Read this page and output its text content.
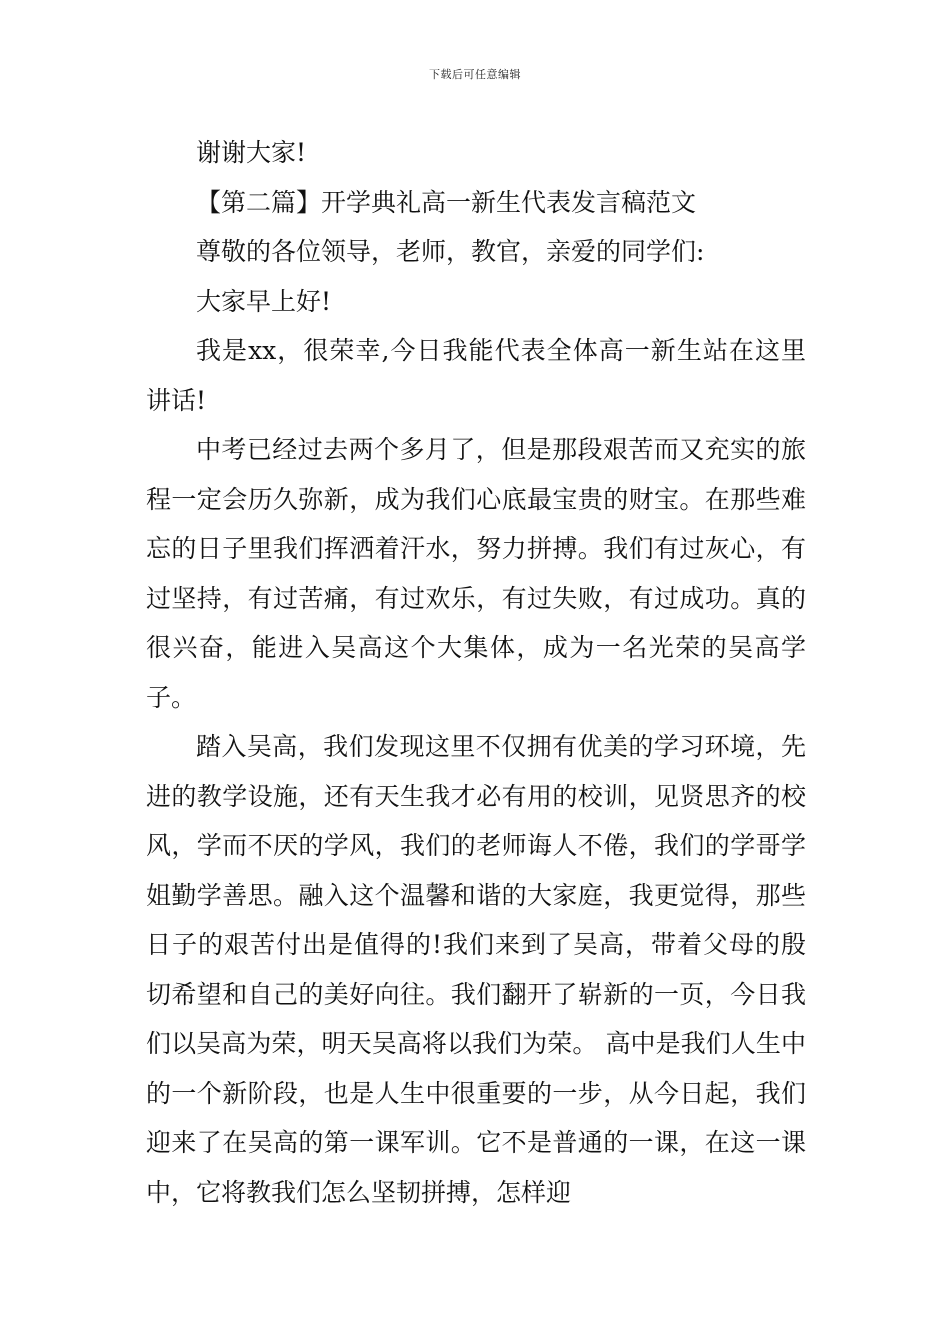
下载后可任意编辑

谢谢大家!

【第二篇】开学典礼高一新生代表发言稿范文

尊敬的各位领导，老师，教官，亲爱的同学们:

大家早上好!

我是xx，很荣幸,今日我能代表全体高一新生站在这里讲话!

中考已经过去两个多月了，但是那段艰苦而又充实的旅程一定会历久弥新，成为我们心底最宝贵的财宝。在那些难忘的日子里我们挥洒着汗水，努力拼搏。我们有过灰心，有过坚持，有过苦痛，有过欢乐，有过失败，有过成功。真的很兴奋，能进入吴高这个大集体，成为一名光荣的吴高学子。

踏入吴高，我们发现这里不仅拥有优美的学习环境，先进的教学设施，还有天生我才必有用的校训，见贤思齐的校风，学而不厌的学风，我们的老师诲人不倦，我们的学哥学姐勤学善思。融入这个温馨和谐的大家庭，我更觉得，那些日子的艰苦付出是值得的!我们来到了吴高，带着父母的殷切希望和自己的美好向往。我们翻开了崭新的一页，今日我们以吴高为荣，明天吴高将以我们为荣。 高中是我们人生中的一个新阶段，也是人生中很重要的一步，从今日起，我们迎来了在吴高的第一课军训。它不是普通的一课，在这一课中，它将教我们怎么坚韧拼搏，怎样迎
